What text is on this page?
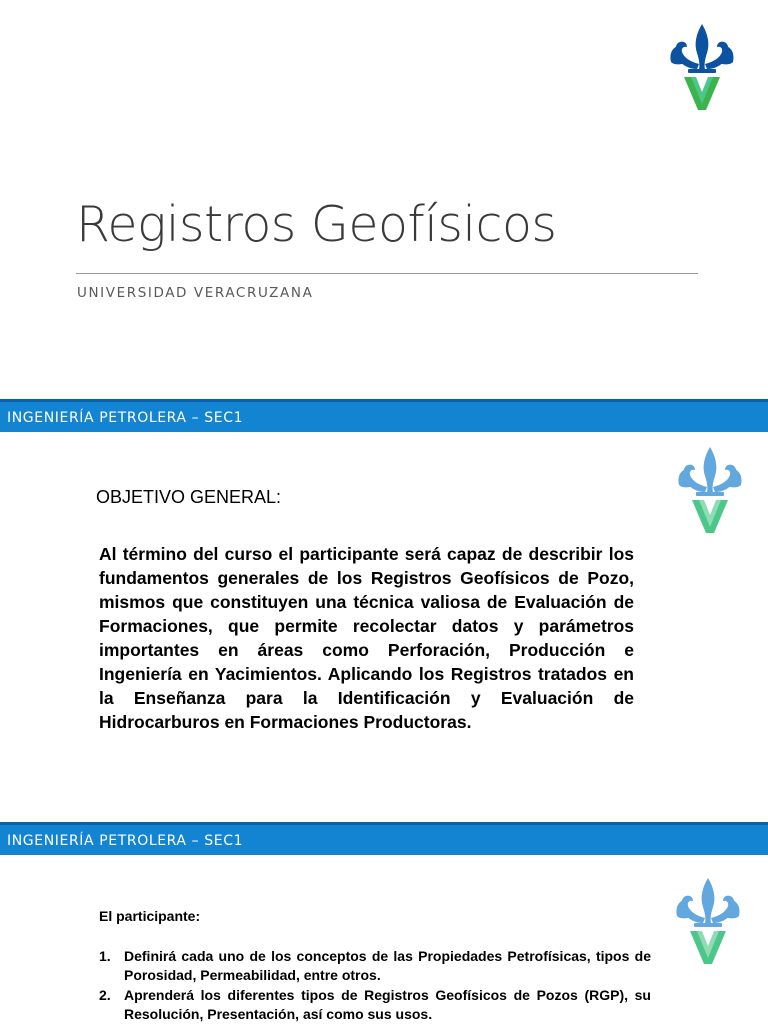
Registros Geofísicos
UNIVERSIDAD VERACRUZANA
INGENIERÍA PETROLERA – SEC1
OBJETIVO GENERAL:

Al término del curso el participante será capaz de describir los fundamentos generales de los Registros Geofísicos de Pozo, mismos que constituyen una técnica valiosa de Evaluación de Formaciones, que permite recolectar datos y parámetros importantes en áreas como Perforación, Producción e Ingeniería en Yacimientos. Aplicando los Registros tratados en la Enseñanza para la Identificación y Evaluación de Hidrocarburos en Formaciones Productoras.

INGENIERÍA PETROLERA – SEC1
El participante:
1. Definirá cada uno de los conceptos de las Propiedades Petrofísicas, tipos de Porosidad, Permeabilidad, entre otros.
2. Aprenderá los diferentes tipos de Registros Geofísicos de Pozos (RGP), su Resolución, Presentación, así como sus usos.
